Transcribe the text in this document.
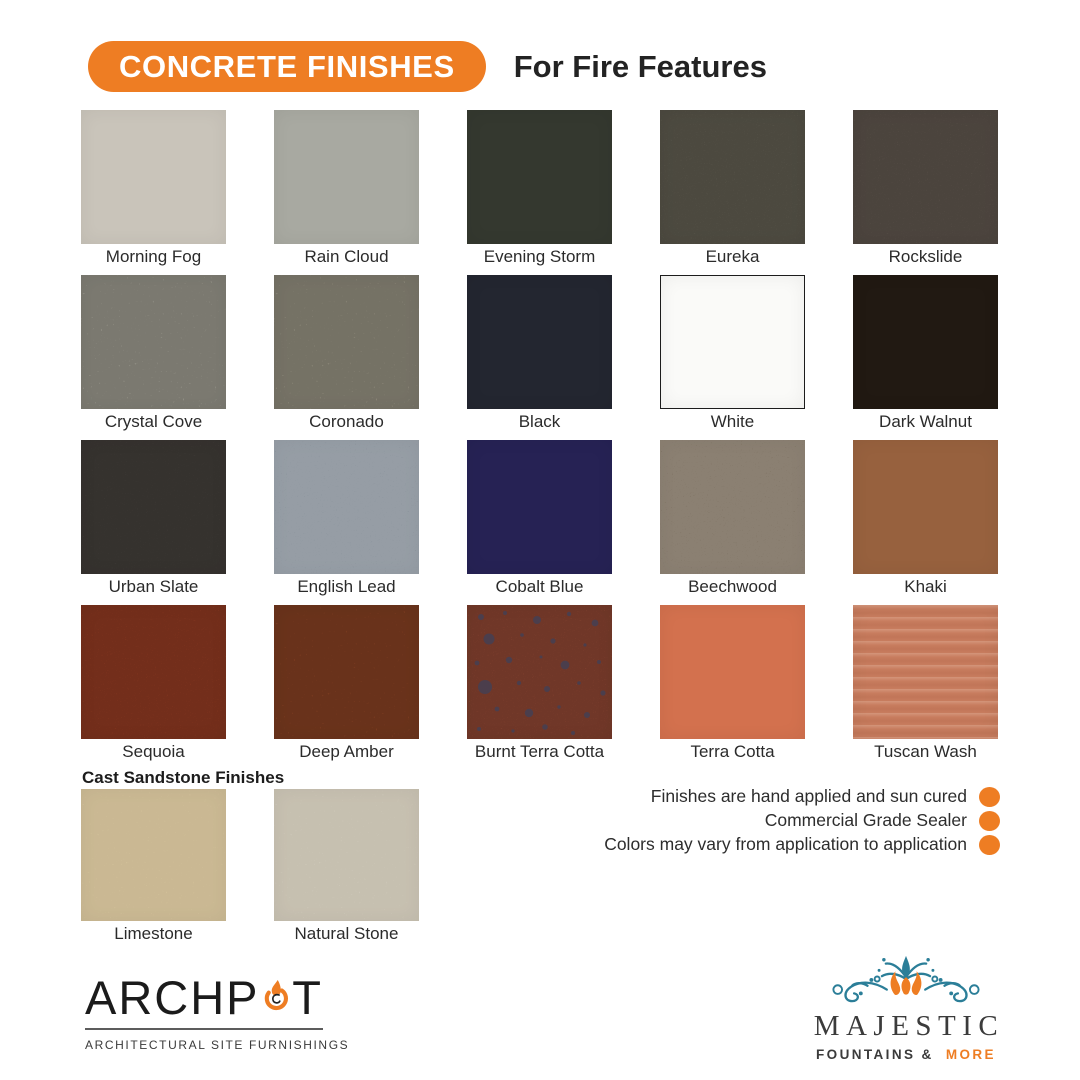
CONCRETE FINISHES	For Fire Features
Morning Fog	Rain Cloud	Evening Storm	Eureka	Rockslide
Crystal Cove	Coronado	Black	White	Dark Walnut
Urban Slate	English Lead	Cobalt Blue	Beechwood	Khaki
Sequoia	Deep Amber	Burnt Terra Cotta	Terra Cotta	Tuscan Wash
Cast Sandstone Finishes
Limestone	Natural Stone
Finishes are hand applied and sun cured
Commercial Grade Sealer
Colors may vary from application to application
ARCHP T
ARCHITECTURAL SITE FURNISHINGS
MAJESTIC
FOUNTAINS & MORE
